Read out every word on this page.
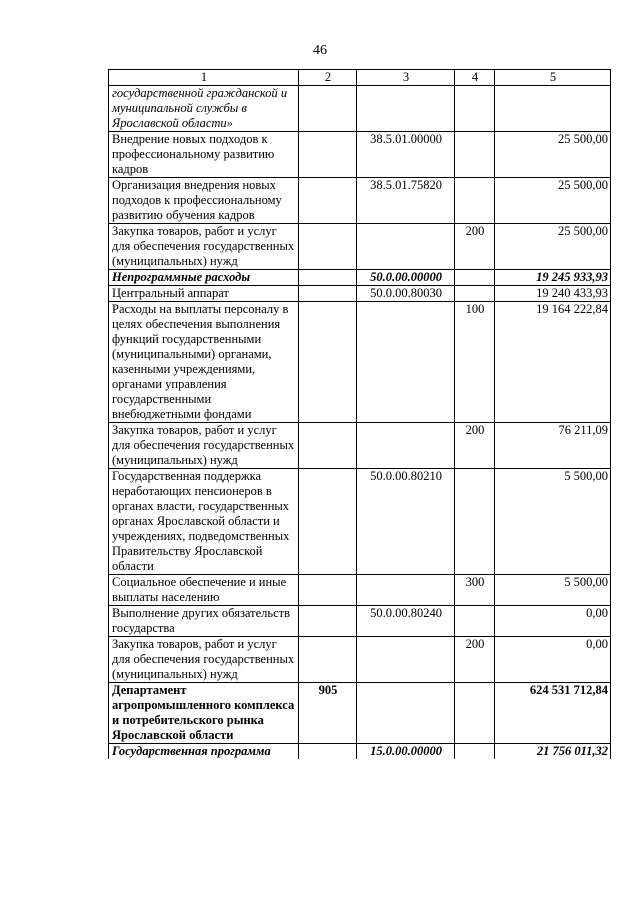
46
1	2	3	4	5
государственной гражданской и муниципальной службы в Ярославской области»				
Внедрение новых подходов к профессиональному развитию кадров		38.5.01.00000		25 500,00
Организация внедрения новых подходов к профессиональному развитию обучения кадров		38.5.01.75820		25 500,00
Закупка товаров, работ и услуг для обеспечения государственных (муниципальных) нужд			200	25 500,00
Непрограммные расходы		50.0.00.00000		19 245 933,93
Центральный аппарат		50.0.00.80030		19 240 433,93
Расходы на выплаты персоналу в целях обеспечения выполнения функций государственными (муниципальными) органами, казенными учреждениями, органами управления государственными внебюджетными фондами			100	19 164 222,84
Закупка товаров, работ и услуг для обеспечения государственных (муниципальных) нужд			200	76 211,09
Государственная поддержка неработающих пенсионеров в органах власти, государственных органах Ярославской области и учреждениях, подведомственных Правительству Ярославской области		50.0.00.80210		5 500,00
Социальное обеспечение и иные выплаты населению			300	5 500,00
Выполнение других обязательств государства		50.0.00.80240		0,00
Закупка товаров, работ и услуг для обеспечения государственных (муниципальных) нужд			200	0,00
Департамент агропромышленного комплекса и потребительского рынка Ярославской области	905			624 531 712,84
Государственная программа		15.0.00.00000		21 756 011,32
